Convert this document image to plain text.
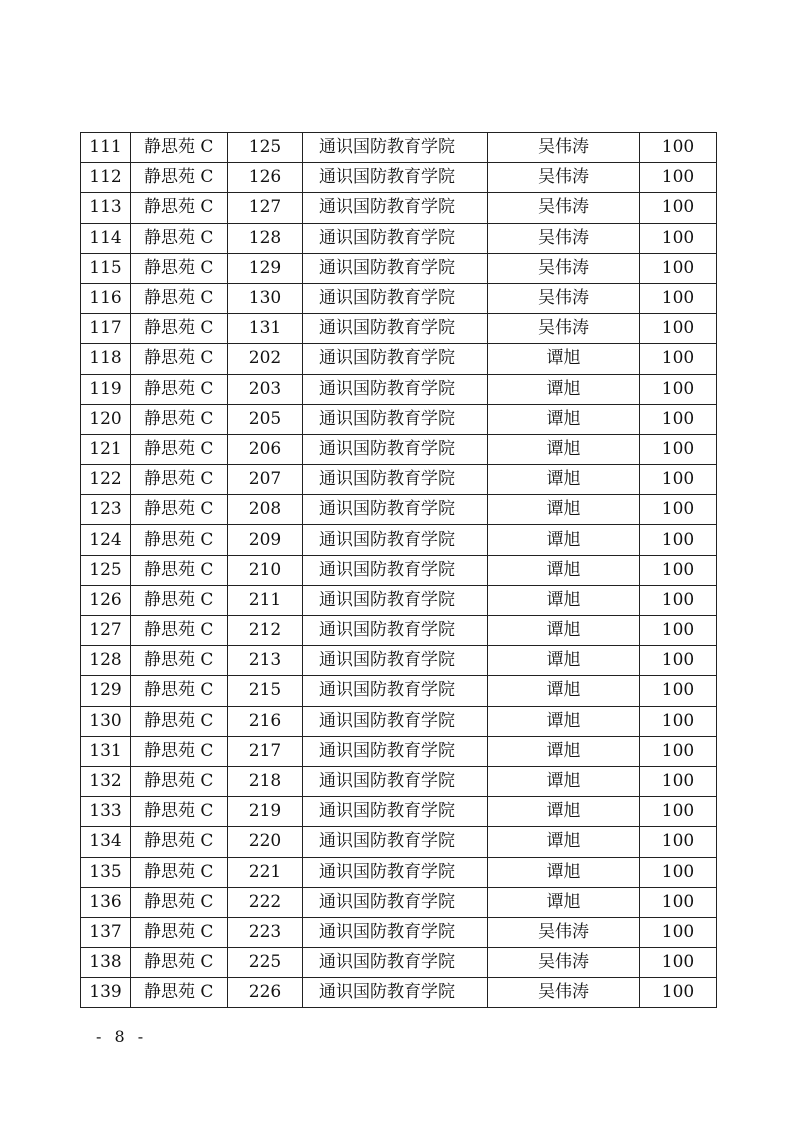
111	静思苑 C	125	通识国防教育学院	吴伟涛	100
112	静思苑 C	126	通识国防教育学院	吴伟涛	100
113	静思苑 C	127	通识国防教育学院	吴伟涛	100
114	静思苑 C	128	通识国防教育学院	吴伟涛	100
115	静思苑 C	129	通识国防教育学院	吴伟涛	100
116	静思苑 C	130	通识国防教育学院	吴伟涛	100
117	静思苑 C	131	通识国防教育学院	吴伟涛	100
118	静思苑 C	202	通识国防教育学院	谭旭	100
119	静思苑 C	203	通识国防教育学院	谭旭	100
120	静思苑 C	205	通识国防教育学院	谭旭	100
121	静思苑 C	206	通识国防教育学院	谭旭	100
122	静思苑 C	207	通识国防教育学院	谭旭	100
123	静思苑 C	208	通识国防教育学院	谭旭	100
124	静思苑 C	209	通识国防教育学院	谭旭	100
125	静思苑 C	210	通识国防教育学院	谭旭	100
126	静思苑 C	211	通识国防教育学院	谭旭	100
127	静思苑 C	212	通识国防教育学院	谭旭	100
128	静思苑 C	213	通识国防教育学院	谭旭	100
129	静思苑 C	215	通识国防教育学院	谭旭	100
130	静思苑 C	216	通识国防教育学院	谭旭	100
131	静思苑 C	217	通识国防教育学院	谭旭	100
132	静思苑 C	218	通识国防教育学院	谭旭	100
133	静思苑 C	219	通识国防教育学院	谭旭	100
134	静思苑 C	220	通识国防教育学院	谭旭	100
135	静思苑 C	221	通识国防教育学院	谭旭	100
136	静思苑 C	222	通识国防教育学院	谭旭	100
137	静思苑 C	223	通识国防教育学院	吴伟涛	100
138	静思苑 C	225	通识国防教育学院	吴伟涛	100
139	静思苑 C	226	通识国防教育学院	吴伟涛	100
- 8 -
